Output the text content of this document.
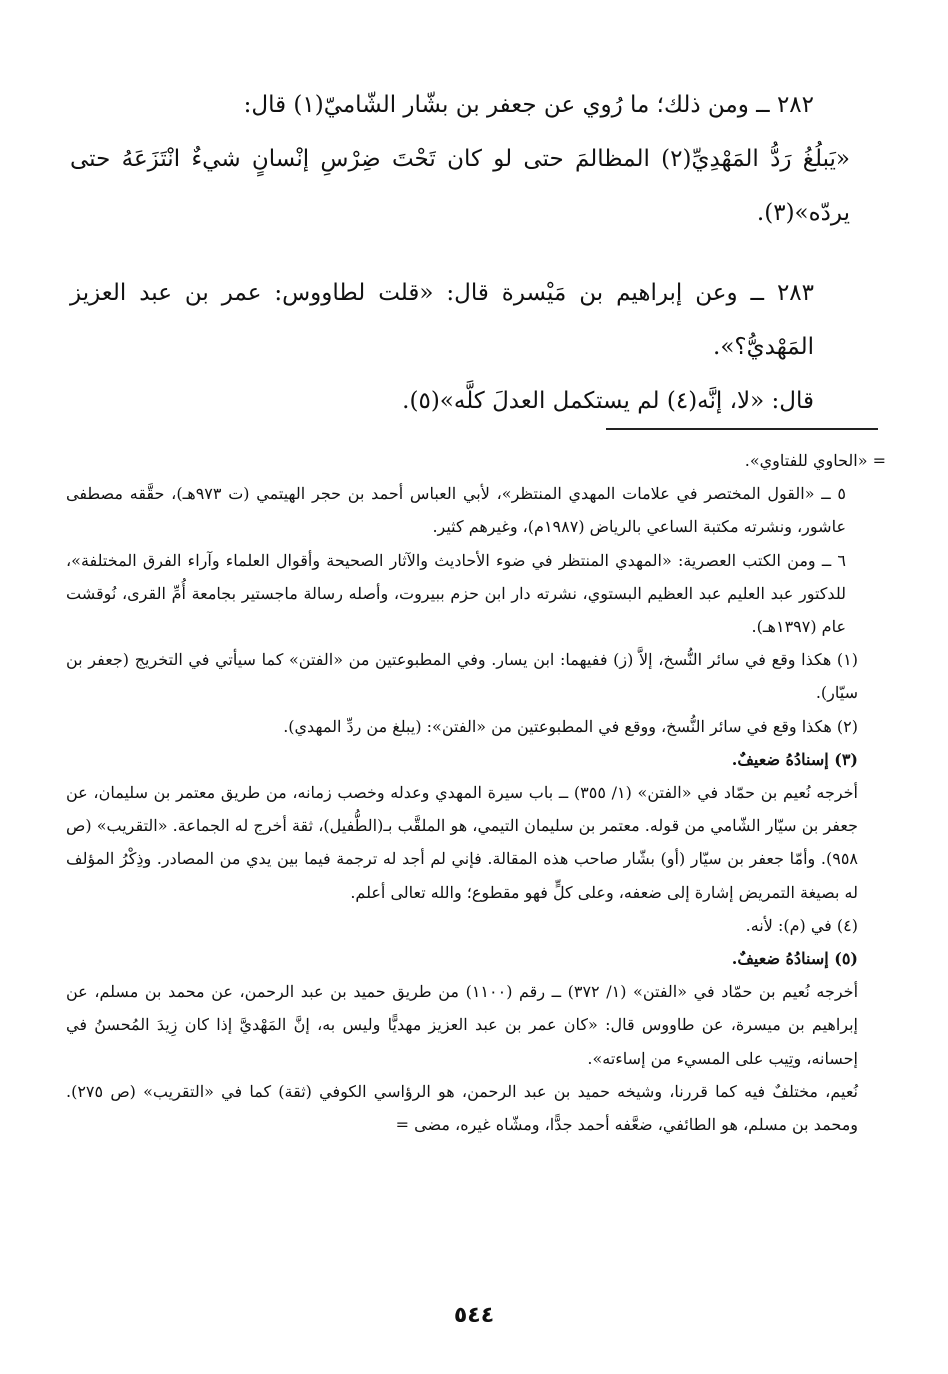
٢٨٢ ــ ومن ذلك؛ ما رُوي عن جعفر بن بشّار الشّاميّ(١) قال:

«يَبلُغُ رَدُّ المَهْدِيِّ(٢) المظالمَ حتى لو كان تَحْتَ ضِرْسِ إنْسانٍ شيءٌ انْتَزَعَهُ حتى يردّه»(٣).

٢٨٣ ــ وعن إبراهيم بن مَيْسرة قال: «قلت لطاووس: عمر بن عبد العزيز المَهْديُّ؟».

قال: «لا، إنَّه(٤) لم يستكمل العدلَ كلَّه»(٥).

= «الحاوي للفتاوي».

٥ ــ «القول المختصر في علامات المهدي المنتظر»، لأبي العباس أحمد بن حجر الهيتمي (ت ٩٧٣هـ)، حقَّقه مصطفى عاشور، ونشرته مكتبة الساعي بالرياض (١٩٨٧م)، وغيرهم كثير.

٦ ــ ومن الكتب العصرية: «المهدي المنتظر في ضوء الأحاديث والآثار الصحيحة وأقوال العلماء وآراء الفرق المختلفة»، للدكتور عبد العليم عبد العظيم البستوي، نشرته دار ابن حزم ببيروت، وأصله رسالة ماجستير بجامعة أُمِّ القرى، نُوقشت عام (١٣٩٧هـ).

(١) هكذا وقع في سائر النُّسخ، إلاَّ (ز) ففيهما: ابن يسار. وفي المطبوعتين من «الفتن» كما سيأتي في التخريج (جعفر بن سيّار).

(٢) هكذا وقع في سائر النُّسخ، ووقع في المطبوعتين من «الفتن»: (يبلغ من ردِّ المهدي).

(٣) إسنادُهُ ضعيفٌ.

أخرجه نُعيم بن حمّاد في «الفتن» (١/ ٣٥٥) ــ باب سيرة المهدي وعدله وخصب زمانه، من طريق معتمر بن سليمان، عن جعفر بن سيّار الشّامي من قوله. معتمر بن سليمان التيمي، هو الملقَّب بـ(الطُّفيل)، ثقة أخرج له الجماعة. «التقريب» (ص ٩٥٨). وأمّا جعفر بن سيّار (أو) بشّار صاحب هذه المقالة. فإني لم أجد له ترجمة فيما بين يدي من المصادر. وذِكْرُ المؤلف له بصيغة التمريض إشارة إلى ضعفه، وعلى كلٍّ فهو مقطوع؛ والله تعالى أعلم.

(٤) في (م): لأنه.

(٥) إسنادُهُ ضعيفٌ.

أخرجه نُعيم بن حمّاد في «الفتن» (١/ ٣٧٢) ــ رقم (١١٠٠) من طريق حميد بن عبد الرحمن، عن محمد بن مسلم، عن إبراهيم بن ميسرة، عن طاووس قال: «كان عمر بن عبد العزيز مهديًّا وليس به، إنَّ المَهْديَّ إذا كان زِيدَ المُحسنُ في إحسانه، وتِيب على المسيء من إساءته».

نُعيم، مختلفٌ فيه كما قررنا، وشيخه حميد بن عبد الرحمن، هو الرؤاسي الكوفي (ثقة) كما في «التقريب» (ص ٢٧٥). ومحمد بن مسلم، هو الطائفي، ضعَّفه أحمد جدًّا، ومشّاه غيره، مضى =

٥٤٤
